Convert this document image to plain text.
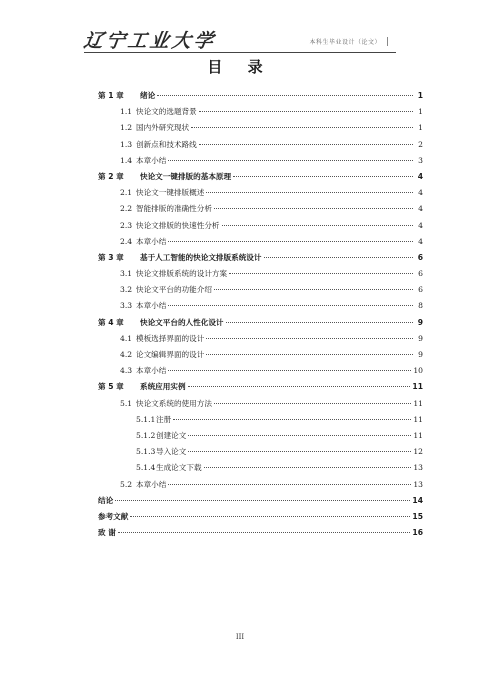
辽宁工业大学	本科生毕业设计（论文）
目 录
第 1 章	绪论	1
1.1 快论文的选题背景	1
1.2 国内外研究现状	1
1.3 创新点和技术路线	2
1.4 本章小结	3
第 2 章	快论文一键排版的基本原理	4
2.1 快论文一键排版概述	4
2.2 智能排版的准确性分析	4
2.3 快论文排版的快速性分析	4
2.4 本章小结	4
第 3 章	基于人工智能的快论文排版系统设计	6
3.1 快论文排版系统的设计方案	6
3.2 快论文平台的功能介绍	6
3.3 本章小结	8
第 4 章	快论文平台的人性化设计	9
4.1 模板选择界面的设计	9
4.2 论文编辑界面的设计	9
4.3 本章小结	10
第 5 章	系统应用实例	11
5.1 快论文系统的使用方法	11
5.1.1 注册	11
5.1.2 创建论文	11
5.1.3 导入论文	12
5.1.4 生成论文下载	13
5.2 本章小结	13
结论	14
参考文献	15
致 谢	16
III
